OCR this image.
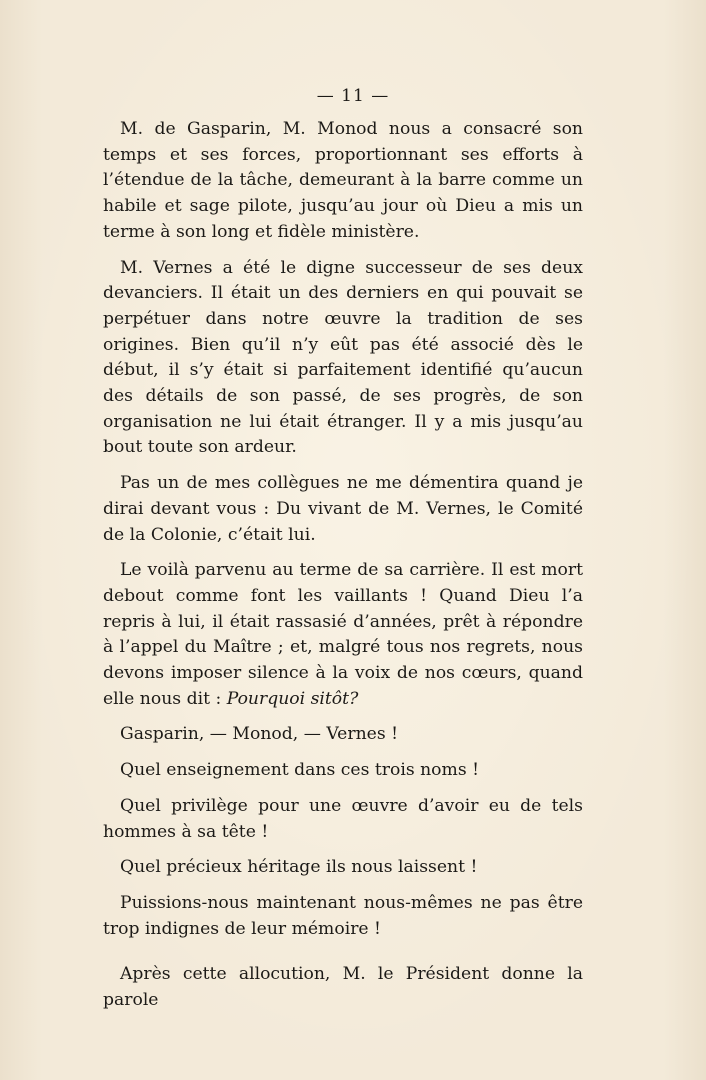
— 11 —

M. de Gasparin, M. Monod nous a consacré son temps et ses forces, proportionnant ses efforts à l’étendue de la tâche, demeurant à la barre comme un habile et sage pilote, jusqu’au jour où Dieu a mis un terme à son long et fidèle ministère.

M. Vernes a été le digne successeur de ses deux devanciers. Il était un des derniers en qui pouvait se perpétuer dans notre œuvre la tradition de ses origines. Bien qu’il n’y eût pas été associé dès le début, il s’y était si parfaitement identifié qu’aucun des détails de son passé, de ses progrès, de son organisation ne lui était étranger. Il y a mis jusqu’au bout toute son ardeur.

Pas un de mes collègues ne me démentira quand je dirai devant vous : Du vivant de M. Vernes, le Comité de la Colonie, c’était lui.

Le voilà parvenu au terme de sa carrière. Il est mort debout comme font les vaillants ! Quand Dieu l’a repris à lui, il était rassasié d’années, prêt à répondre à l’appel du Maître ; et, malgré tous nos regrets, nous devons imposer silence à la voix de nos cœurs, quand elle nous dit : Pourquoi sitôt?

Gasparin, — Monod, — Vernes !

Quel enseignement dans ces trois noms !

Quel privilège pour une œuvre d’avoir eu de tels hommes à sa tête !

Quel précieux héritage ils nous laissent !

Puissions-nous maintenant nous-mêmes ne pas être trop indignes de leur mémoire !

Après cette allocution, M. le Président donne la parole
